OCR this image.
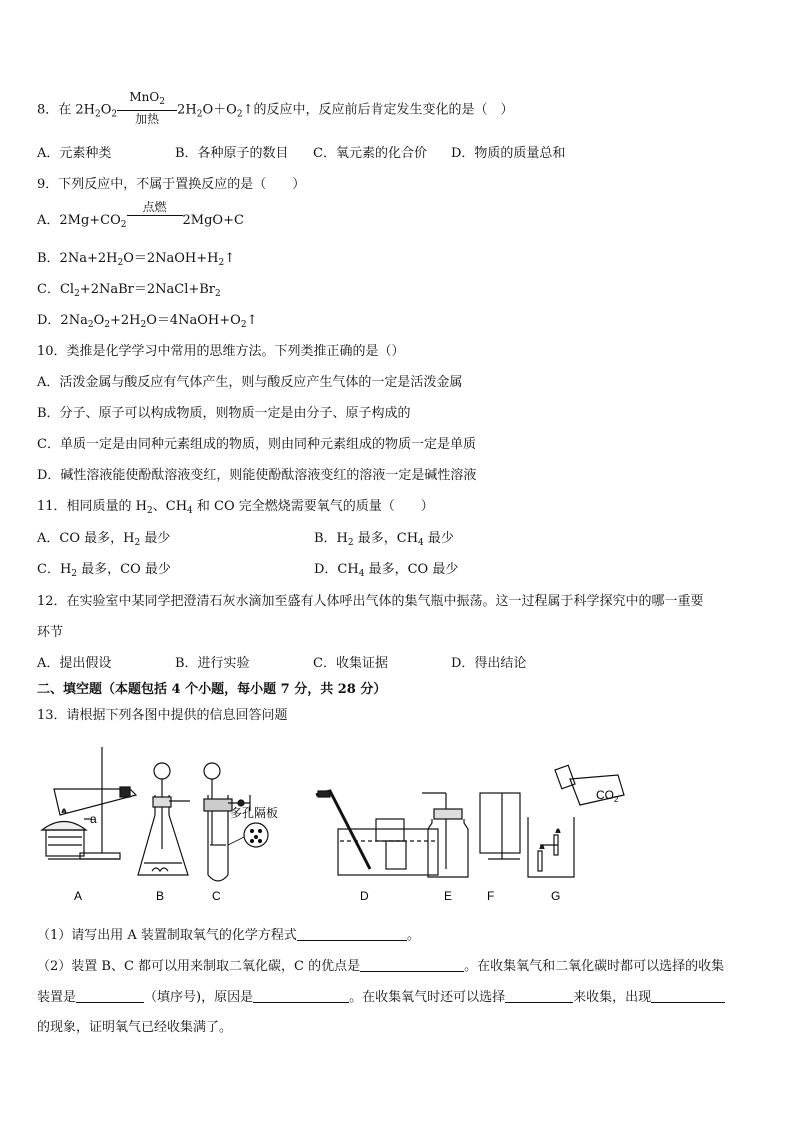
8．在 $2H_2O_2$
MnO$_2$
加热
$2H_2O+O_2↑$的反应中，反应前后肯定发生变化的是（　）
A．元素种类	B．各种原子的数目 C．氧元素的化合价 D．物质的质量总和
9．下列反应中，不属于置换反应的是（　　）
A．$2Mg+CO_2$
点燃

2MgO+C
B．$2Na+2H_2O=2NaOH+H_2↑$
C．$Cl_2+2NaBr=2NaCl+Br_2$
D．$2Na_2O_2+2H_2O=4NaOH+O_2↑$
10．类推是化学学习中常用的思维方法。下列类推正确的是（）
A．活泼金属与酸反应有气体产生，则与酸反应产生气体的一定是活泼金属
B．分子、原子可以构成物质，则物质一定是由分子、原子构成的
C．单质一定是由同种元素组成的物质，则由同种元素组成的物质一定是单质
D．碱性溶液能使酚酞溶液变红，则能使酚酞溶液变红的溶液一定是碱性溶液
11．相同质量的 $H_2$、$CH_4$ 和 CO 完全燃烧需要氧气的质量（　　）
A．CO 最多，$H_2$ 最少	B．$H_2$ 最多，$CH_4$ 最少
C．$H_2$ 最多，CO 最少	D．$CH_4$ 最多，CO 最少
12．在实验室中某同学把澄清石灰水滴加至盛有人体呼出气体的集气瓶中振荡。这一过程属于科学探究中的哪一重要
环节
A．提出假设	B．进行实验	C．收集证据	D．得出结论
二、填空题（本题包括 4 个小题，每小题 7 分，共 28 分）
13．请根据下列各图中提供的信息回答问题
a	多孔隔板
$CO_2$
A	B	C	D	E	F	G
（1）请写出用 A 装置制取氧气的化学方程式	。
（2）装置 B、C 都可以用来制取二氧化碳，C 的优点是	。在收集氧气和二氧化碳时都可以选择的收集
装置是	（填序号)，原因是	。在收集氧气时还可以选择	来收集，出现
的现象，证明氧气已经收集满了。
